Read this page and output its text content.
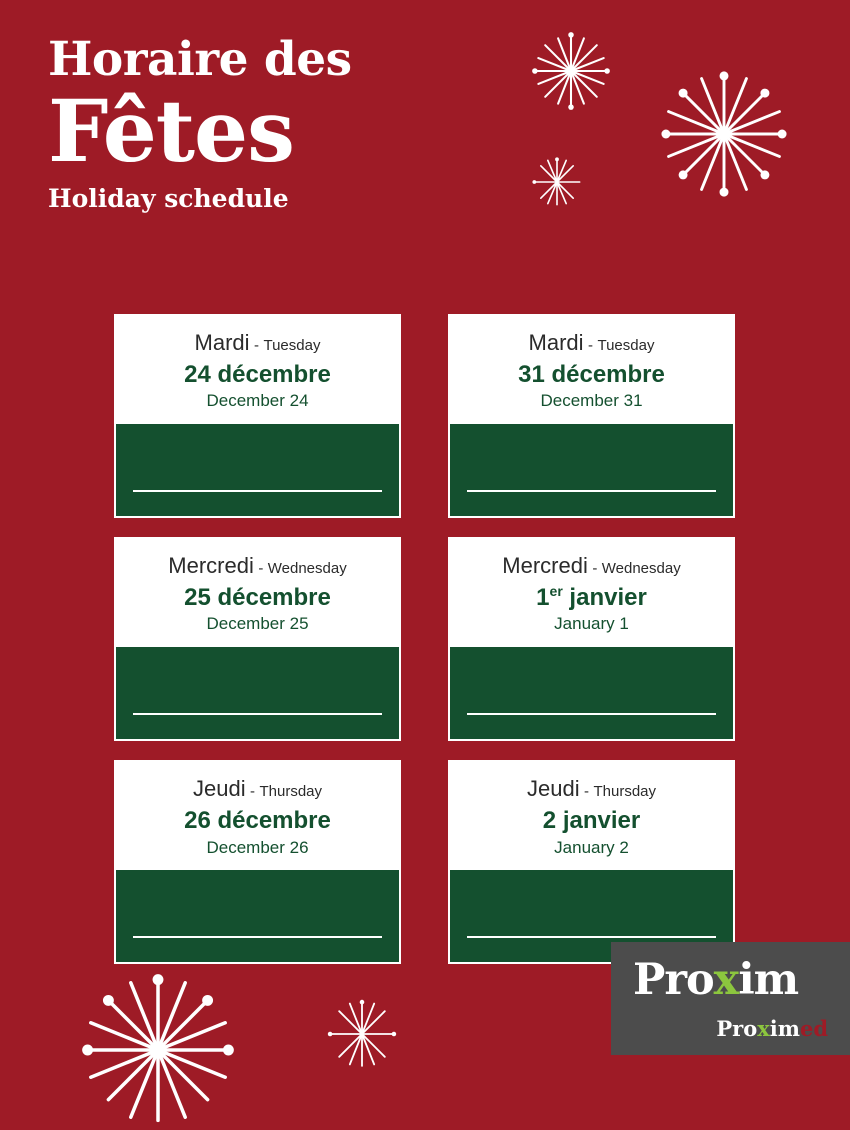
Horaire des
Fêtes
Holiday schedule
Mardi - Tuesday
24 décembre
December 24
Mardi - Tuesday
31 décembre
December 31
Mercredi - Wednesday
25 décembre
December 25
Mercredi - Wednesday
1er janvier
January 1
Jeudi - Thursday
26 décembre
December 26
Jeudi - Thursday
2 janvier
January 2
Proxim
Proximed
